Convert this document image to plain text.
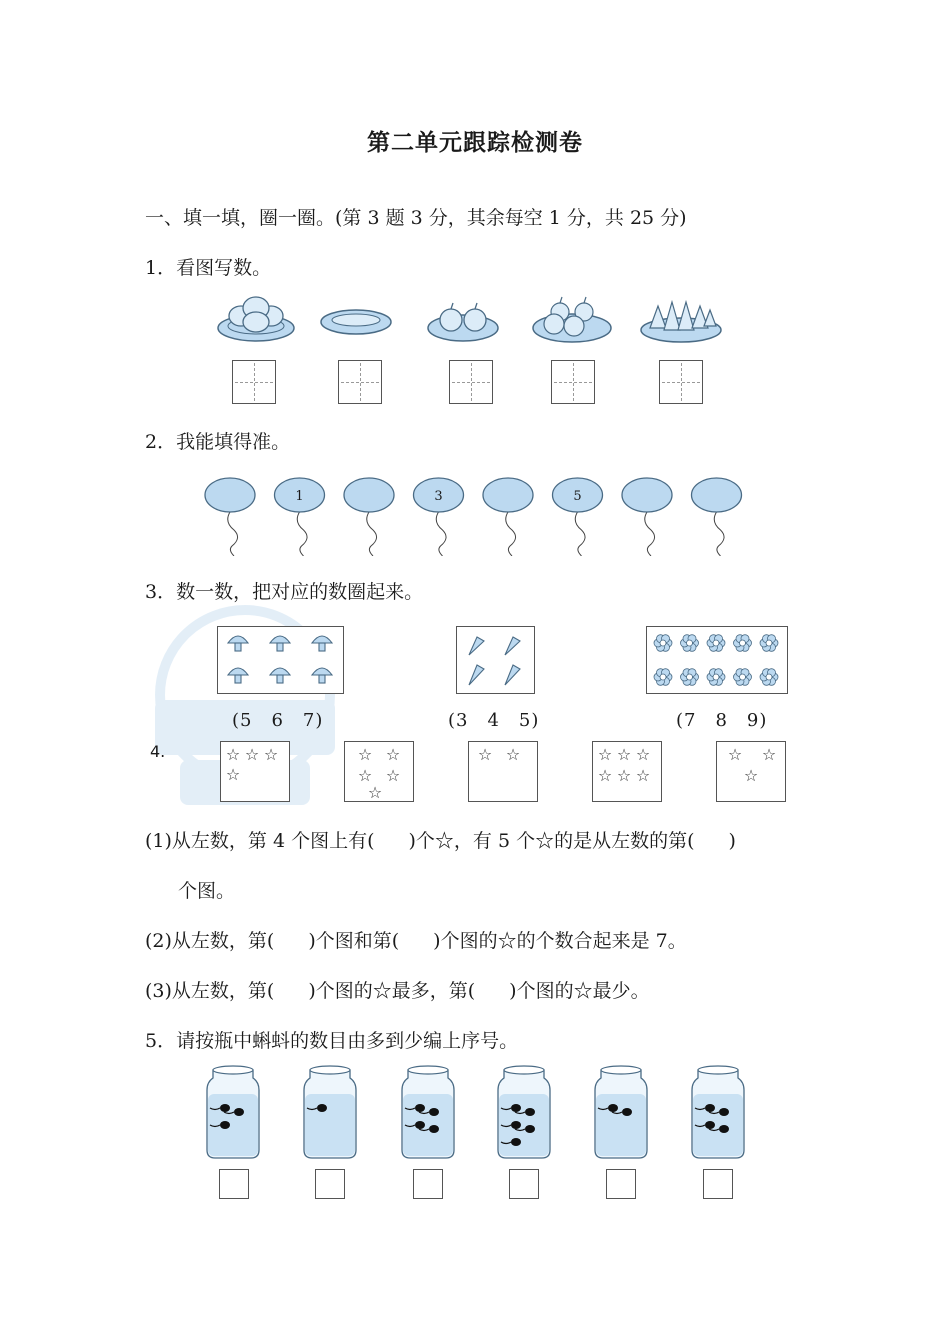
第二单元跟踪检测卷
一、填一填，圈一圈。(第 3 题 3 分，其余每空 1 分，共 25 分)
1．看图写数。
2．我能填得准。
1	3	5
3．数一数，把对应的数圈起来。
(5　6　7)	(3　4　5)	(7　8　9)
4.	☆ ☆ ☆
☆
☆ ☆
☆ ☆
☆
☆ ☆	☆ ☆ ☆
☆ ☆ ☆
☆ ☆
☆
(1)从左数，第 4 个图上有( )个☆，有 5 个☆的是从左数的第( )
个图。
(2)从左数，第( )个图和第( )个图的☆的个数合起来是 7。
(3)从左数，第( )个图的☆最多，第( )个图的☆最少。
5．请按瓶中蝌蚪的数目由多到少编上序号。
